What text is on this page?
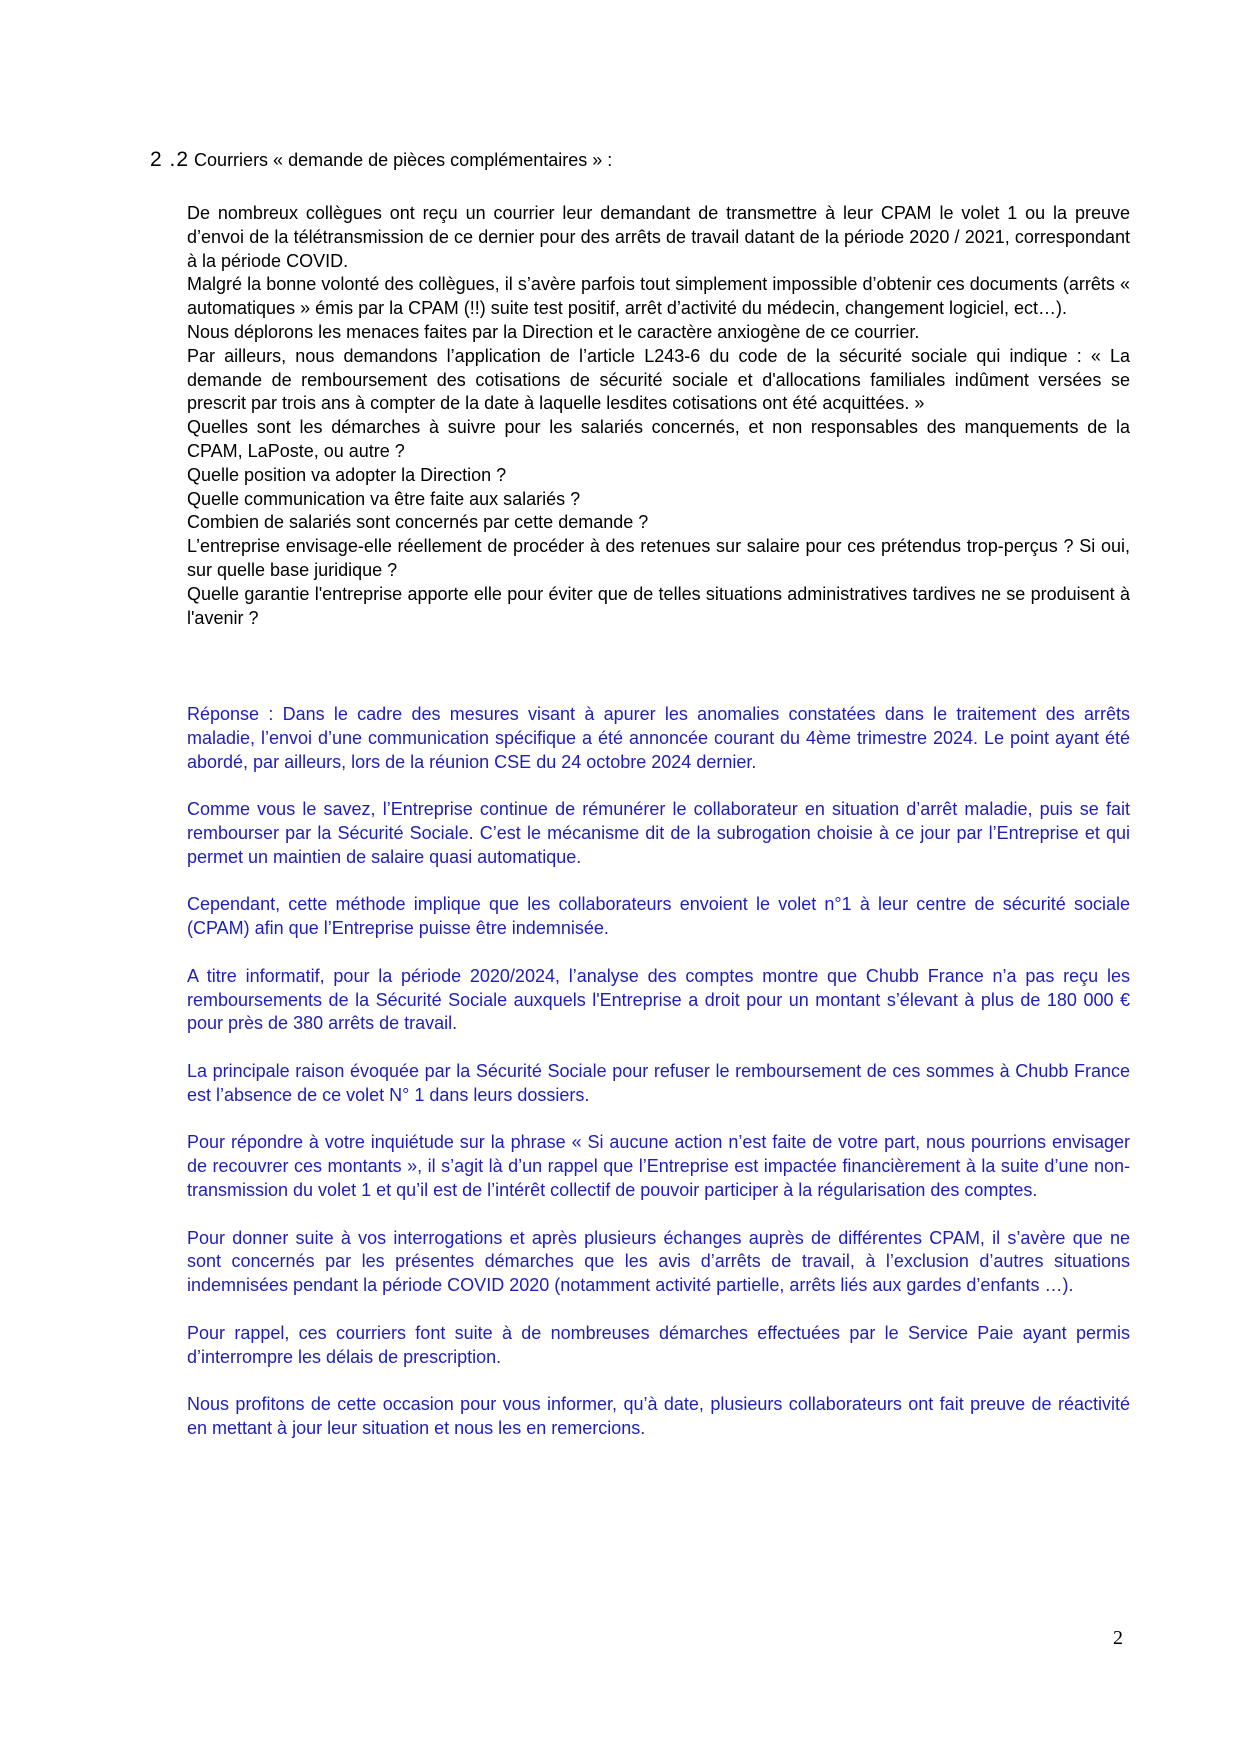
2 .2 Courriers « demande de pièces complémentaires » :

De nombreux collègues ont reçu un courrier leur demandant de transmettre à leur CPAM le volet 1 ou la preuve d’envoi de la télétransmission de ce dernier pour des arrêts de travail datant de la période 2020 / 2021, correspondant à la période COVID.

Malgré la bonne volonté des collègues, il s’avère parfois tout simplement impossible d’obtenir ces documents (arrêts « automatiques » émis par la CPAM (!!) suite test positif, arrêt d’activité du médecin, changement logiciel, ect…).

Nous déplorons les menaces faites par la Direction et le caractère anxiogène de ce courrier.

Par ailleurs, nous demandons l’application de l’article L243-6 du code de la sécurité sociale qui indique : « La demande de remboursement des cotisations de sécurité sociale et d'allocations familiales indûment versées se prescrit par trois ans à compter de la date à laquelle lesdites cotisations ont été acquittées. »

Quelles sont les démarches à suivre pour les salariés concernés, et non responsables des manquements de la CPAM, LaPoste, ou autre ?

Quelle position va adopter la Direction ?

Quelle communication va être faite aux salariés ?

Combien de salariés sont concernés par cette demande ?

L’entreprise envisage-elle réellement de procéder à des retenues sur salaire pour ces prétendus trop-perçus ? Si oui, sur quelle base juridique ?

Quelle garantie l'entreprise apporte elle pour éviter que de telles situations administratives tardives ne se produisent à l'avenir ?

Réponse : Dans le cadre des mesures visant à apurer les anomalies constatées dans le traitement des arrêts maladie, l’envoi d’une communication spécifique a été annoncée courant du 4ème trimestre 2024. Le point ayant été abordé, par ailleurs, lors de la réunion CSE du 24 octobre 2024 dernier.

Comme vous le savez, l’Entreprise continue de rémunérer le collaborateur en situation d’arrêt maladie, puis se fait rembourser par la Sécurité Sociale. C’est le mécanisme dit de la subrogation choisie à ce jour par l’Entreprise et qui permet un maintien de salaire quasi automatique.

Cependant, cette méthode implique que les collaborateurs envoient le volet n°1 à leur centre de sécurité sociale (CPAM) afin que l’Entreprise puisse être indemnisée.

A titre informatif, pour la période 2020/2024, l’analyse des comptes montre que Chubb France n’a pas reçu les remboursements de la Sécurité Sociale auxquels l'Entreprise a droit pour un montant s’élevant à plus de 180 000 € pour près de 380 arrêts de travail.

La principale raison évoquée par la Sécurité Sociale pour refuser le remboursement de ces sommes à Chubb France est l’absence de ce volet N° 1 dans leurs dossiers.

Pour répondre à votre inquiétude sur la phrase « Si aucune action n’est faite de votre part, nous pourrions envisager de recouvrer ces montants », il s’agit là d’un rappel que l’Entreprise est impactée financièrement à la suite d’une non-transmission du volet 1 et qu’il est de l’intérêt collectif de pouvoir participer à la régularisation des comptes.

Pour donner suite à vos interrogations et après plusieurs échanges auprès de différentes CPAM, il s’avère que ne sont concernés par les présentes démarches que les avis d’arrêts de travail, à l’exclusion d’autres situations indemnisées pendant la période COVID 2020 (notamment activité partielle, arrêts liés aux gardes d’enfants …).

Pour rappel, ces courriers font suite à de nombreuses démarches effectuées par le Service Paie ayant permis d’interrompre les délais de prescription.

Nous profitons de cette occasion pour vous informer, qu’à date, plusieurs collaborateurs ont fait preuve de réactivité en mettant à jour leur situation et nous les en remercions.

2
